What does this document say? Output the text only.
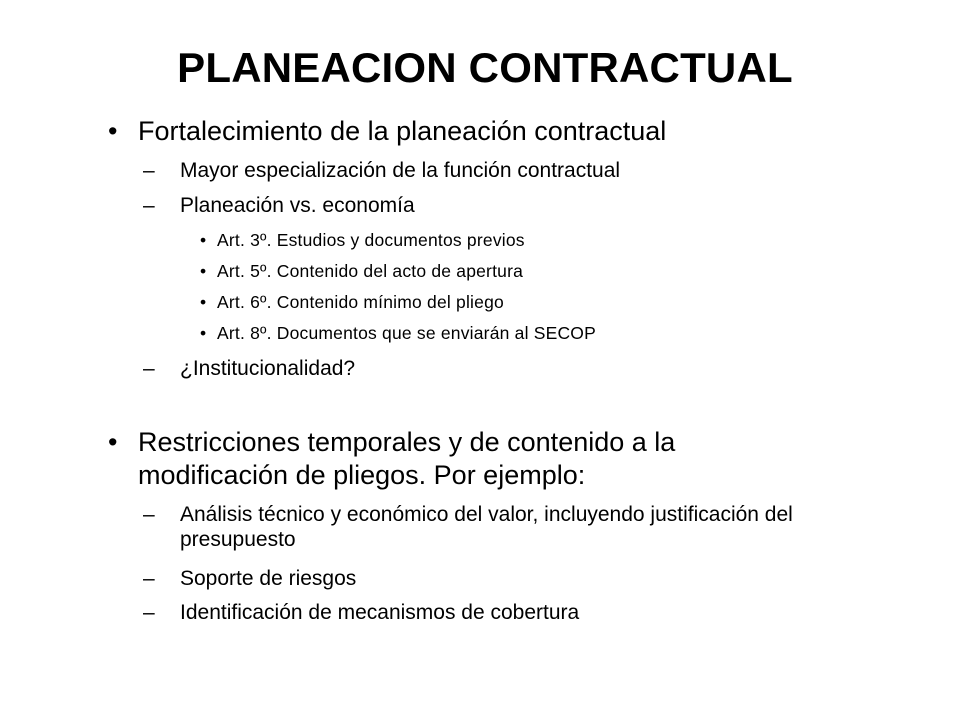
PLANEACION CONTRACTUAL
• Fortalecimiento de la planeación contractual
– Mayor especialización de la función contractual
– Planeación vs. economía
• Art. 3º. Estudios y documentos previos
• Art. 5º. Contenido del acto de apertura
• Art. 6º. Contenido mínimo del pliego
• Art. 8º. Documentos que se enviarán al SECOP
– ¿Institucionalidad?
• Restricciones temporales y de contenido a la modificación de pliegos. Por ejemplo:
– Análisis técnico y económico del valor, incluyendo justificación del presupuesto
– Soporte de riesgos
– Identificación de mecanismos de cobertura
